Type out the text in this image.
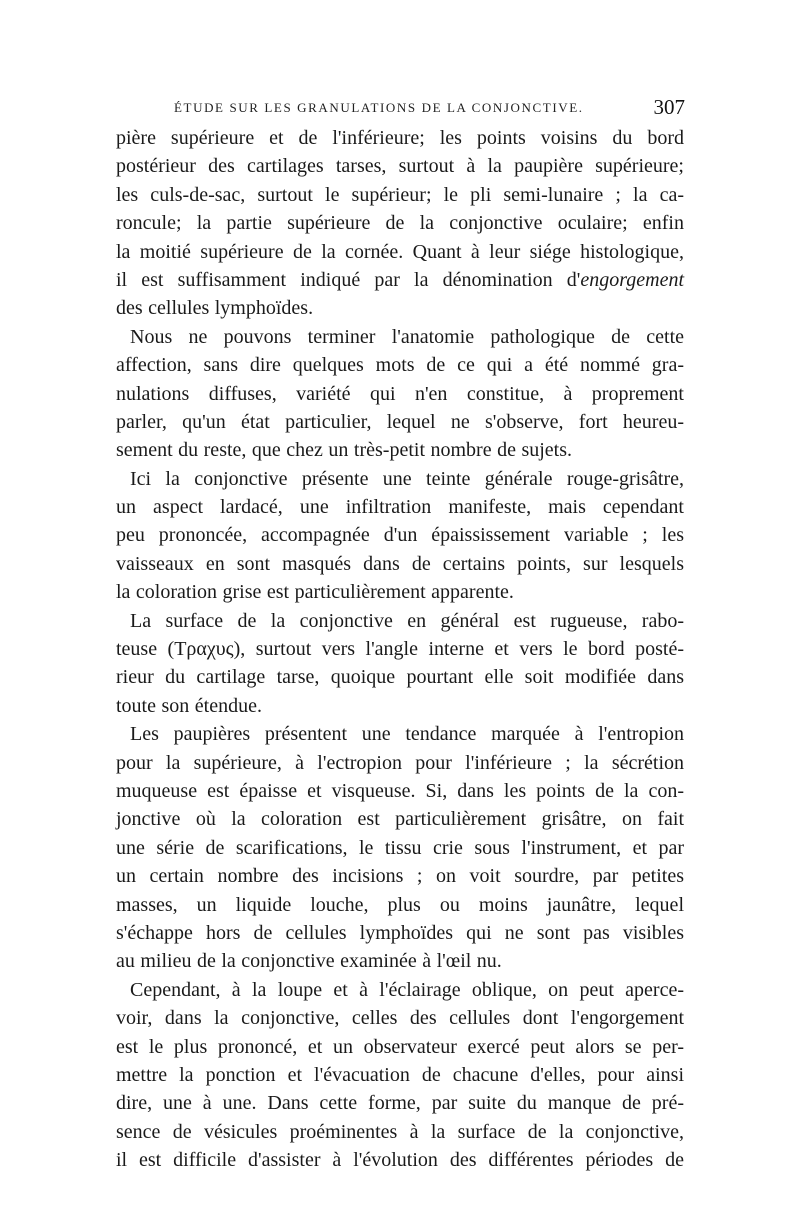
ÉTUDE SUR LES GRANULATIONS DE LA CONJONCTIVE.	307
pière supérieure et de l'inférieure; les points voisins du bord
postérieur des cartilages tarses, surtout à la paupière supérieure;
les culs-de-sac, surtout le supérieur; le pli semi-lunaire ; la ca-
roncule; la partie supérieure de la conjonctive oculaire; enfin
la moitié supérieure de la cornée. Quant à leur siége histologique,
il est suffisamment indiqué par la dénomination d'engorgement
des cellules lymphoïdes.
Nous ne pouvons terminer l'anatomie pathologique de cette
affection, sans dire quelques mots de ce qui a été nommé gra-
nulations diffuses, variété qui n'en constitue, à proprement
parler, qu'un état particulier, lequel ne s'observe, fort heureu-
sement du reste, que chez un très-petit nombre de sujets.
Ici la conjonctive présente une teinte générale rouge-grisâtre,
un aspect lardacé, une infiltration manifeste, mais cependant
peu prononcée, accompagnée d'un épaississement variable ; les
vaisseaux en sont masqués dans de certains points, sur lesquels
la coloration grise est particulièrement apparente.
La surface de la conjonctive en général est rugueuse, rabo-
teuse (Τραχυς), surtout vers l'angle interne et vers le bord posté-
rieur du cartilage tarse, quoique pourtant elle soit modifiée dans
toute son étendue.
Les paupières présentent une tendance marquée à l'entropion
pour la supérieure, à l'ectropion pour l'inférieure ; la sécrétion
muqueuse est épaisse et visqueuse. Si, dans les points de la con-
jonctive où la coloration est particulièrement grisâtre, on fait
une série de scarifications, le tissu crie sous l'instrument, et par
un certain nombre des incisions ; on voit sourdre, par petites
masses, un liquide louche, plus ou moins jaunâtre, lequel
s'échappe hors de cellules lymphoïdes qui ne sont pas visibles
au milieu de la conjonctive examinée à l'œil nu.
Cependant, à la loupe et à l'éclairage oblique, on peut aperce-
voir, dans la conjonctive, celles des cellules dont l'engorgement
est le plus prononcé, et un observateur exercé peut alors se per-
mettre la ponction et l'évacuation de chacune d'elles, pour ainsi
dire, une à une. Dans cette forme, par suite du manque de pré-
sence de vésicules proéminentes à la surface de la conjonctive,
il est difficile d'assister à l'évolution des différentes périodes de
